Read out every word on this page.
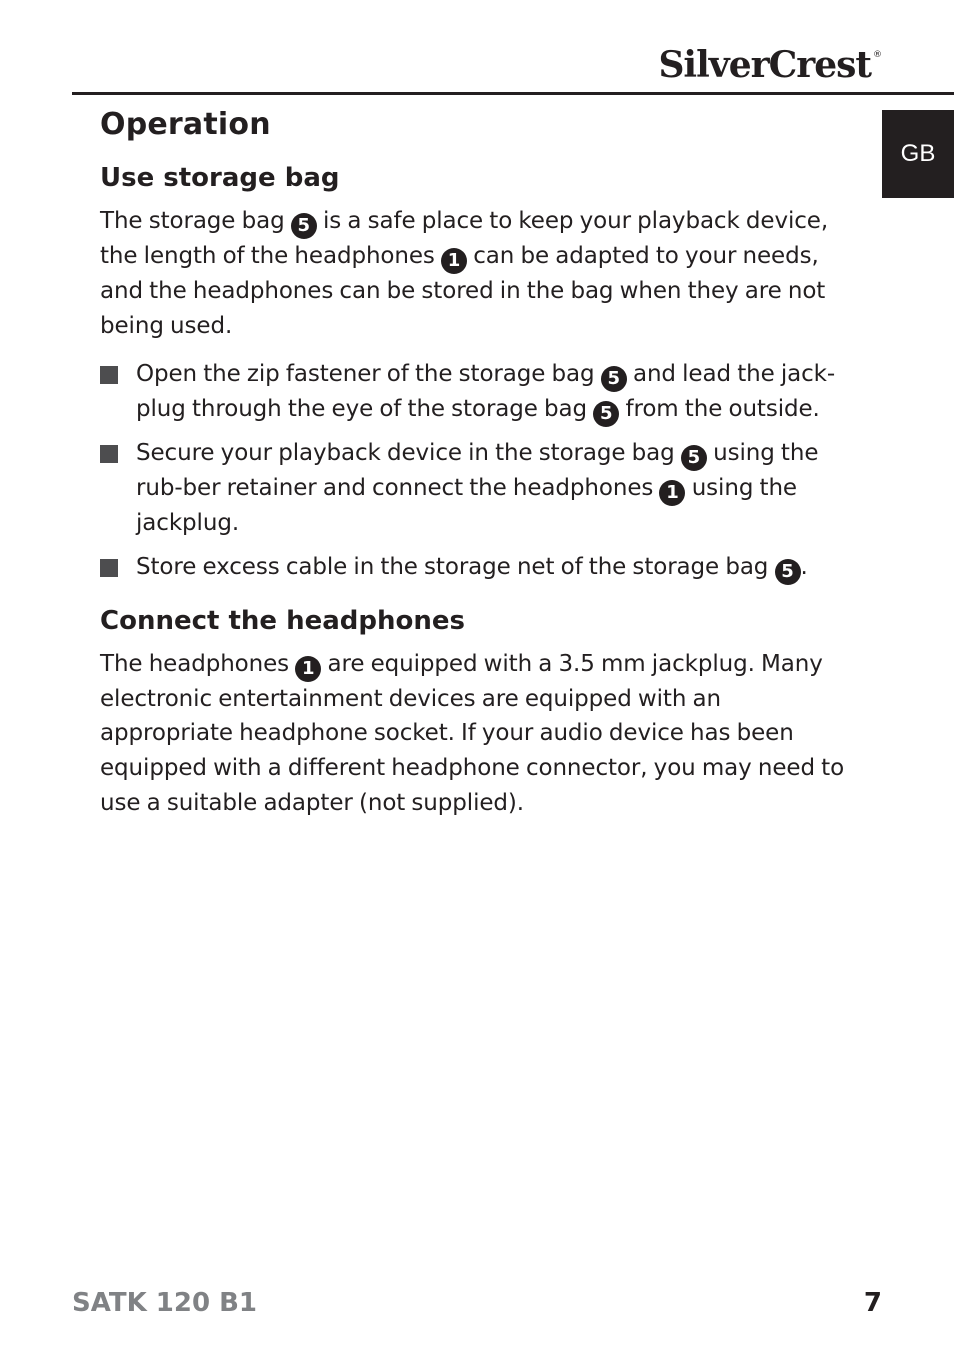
SilverCrest ®
GB
Operation
Use storage bag

The storage bag 5 is a safe place to keep your playback device, the length of the headphones 1 can be adapted to your needs, and the headphones can be stored in the bag when they are not being used.

Open the zip fastener of the storage bag 5 and lead the jack-plug through the eye of the storage bag 5 from the outside.
Secure your playback device in the storage bag 5 using the rub-ber retainer and connect the headphones 1 using the jackplug.
Store excess cable in the storage net of the storage bag 5 .
Connect the headphones

The headphones 1 are equipped with a 3.5 mm jackplug. Many electronic entertainment devices are equipped with an appropriate headphone socket. If your audio device has been equipped with a different headphone connector, you may need to use a suitable adapter (not supplied).

SATK 120 B1	7
